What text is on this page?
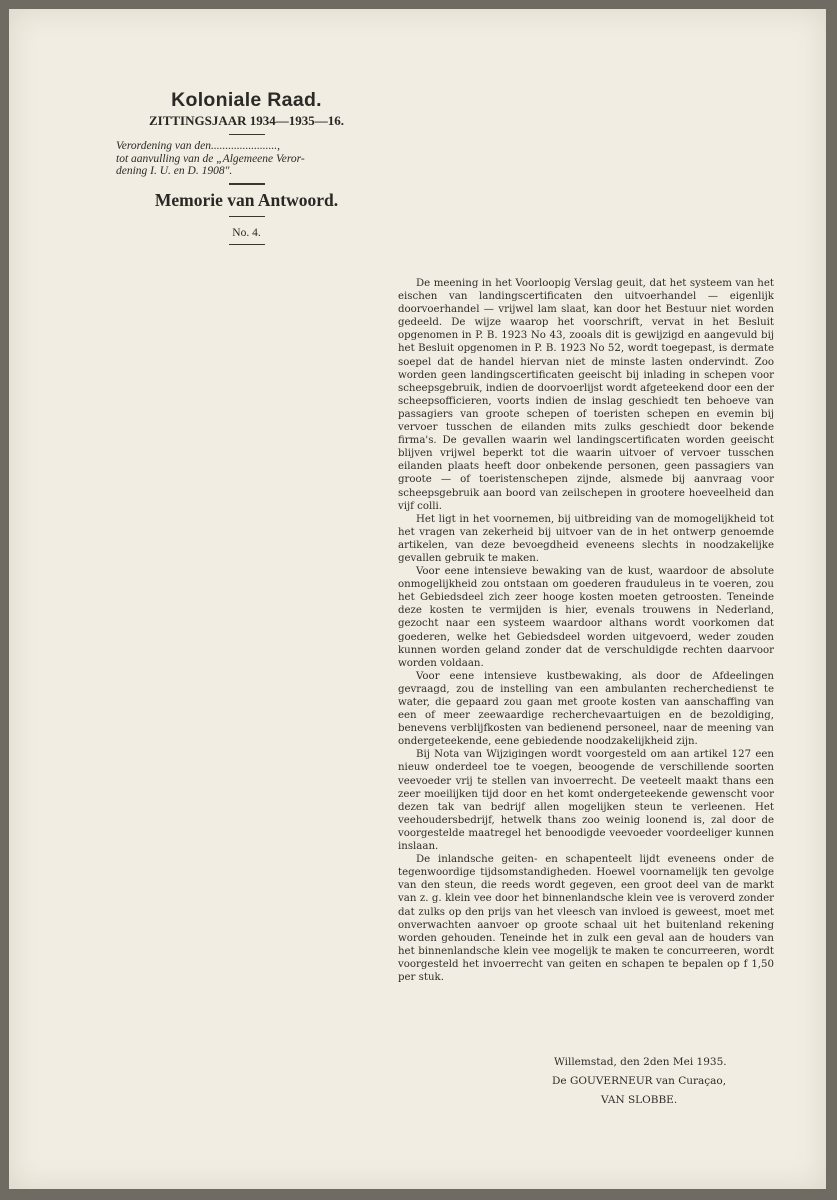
Koloniale Raad.
ZITTINGSJAAR 1934—1935—16.
Verordening van den.......................,
tot aanvulling van de „Algemeene Veror-
dening I. U. en D. 1908".
Memorie van Antwoord.
No. 4.

De meening in het Voorloopig Verslag geuit, dat het systeem van het eischen van landingscertificaten den uitvoerhandel — eigenlijk doorvoerhandel — vrijwel lam slaat, kan door het Bestuur niet worden gedeeld. De wijze waarop het voorschrift, vervat in het Besluit opgenomen in P. B. 1923 No 43, zooals dit is gewijzigd en aangevuld bij het Besluit opgenomen in P. B. 1923 No 52, wordt toegepast, is dermate soepel dat de handel hiervan niet de minste lasten ondervindt. Zoo worden geen landingscertificaten geeischt bij inlading in schepen voor scheepsgebruik, indien de doorvoerlijst wordt afgeteekend door een der scheepsofficieren, voorts indien de inslag geschiedt ten behoeve van passagiers van groote schepen of toeristen schepen en evemin bij vervoer tusschen de eilanden mits zulks geschiedt door bekende firma's. De gevallen waarin wel landingscertificaten worden geeischt blijven vrijwel beperkt tot die waarin uitvoer of vervoer tusschen eilanden plaats heeft door onbekende personen, geen passagiers van groote — of toeristenschepen zijnde, alsmede bij aanvraag voor scheepsgebruik aan boord van zeilschepen in grootere hoeveelheid dan vijf colli.

Het ligt in het voornemen, bij uitbreiding van de momogelijkheid tot het vragen van zekerheid bij uitvoer van de in het ontwerp genoemde artikelen, van deze bevoegdheid eveneens slechts in noodzakelijke gevallen gebruik te maken.

Voor eene intensieve bewaking van de kust, waardoor de absolute onmogelijkheid zou ontstaan om goederen frauduleus in te voeren, zou het Gebiedsdeel zich zeer hooge kosten moeten getroosten. Teneinde deze kosten te vermijden is hier, evenals trouwens in Nederland, gezocht naar een systeem waardoor althans wordt voorkomen dat goederen, welke het Gebiedsdeel worden uitgevoerd, weder zouden kunnen worden geland zonder dat de verschuldigde rechten daarvoor worden voldaan.

Voor eene intensieve kustbewaking, als door de Afdeelingen gevraagd, zou de instelling van een ambulanten recherchedienst te water, die gepaard zou gaan met groote kosten van aanschaffing van een of meer zeewaardige recherchevaartuigen en de bezoldiging, benevens verblijfkosten van bedienend personeel, naar de meening van ondergeteekende, eene gebiedende noodzakelijkheid zijn.

Bij Nota van Wijzigingen wordt voorgesteld om aan artikel 127 een nieuw onderdeel toe te voegen, beoogende de verschillende soorten veevoeder vrij te stellen van invoerrecht. De veeteelt maakt thans een zeer moeilijken tijd door en het komt ondergeteekende gewenscht voor dezen tak van bedrijf allen mogelijken steun te verleenen. Het veehoudersbedrijf, hetwelk thans zoo weinig loonend is, zal door de voorgestelde maatregel het benoodigde veevoeder voordeeliger kunnen inslaan.

De inlandsche geiten- en schapenteelt lijdt eveneens onder de tegenwoordige tijdsomstandigheden. Hoewel voornamelijk ten gevolge van den steun, die reeds wordt gegeven, een groot deel van de markt van z. g. klein vee door het binnenlandsche klein vee is veroverd zonder dat zulks op den prijs van het vleesch van invloed is geweest, moet met onverwachten aanvoer op groote schaal uit het buitenland rekening worden gehouden. Teneinde het in zulk een geval aan de houders van het binnenlandsche klein vee mogelijk te maken te concurreeren, wordt voorgesteld het invoerrecht van geiten en schapen te bepalen op f 1,50 per stuk.

Willemstad, den 2den Mei 1935.
De GOUVERNEUR van Curaçao,
VAN SLOBBE.
